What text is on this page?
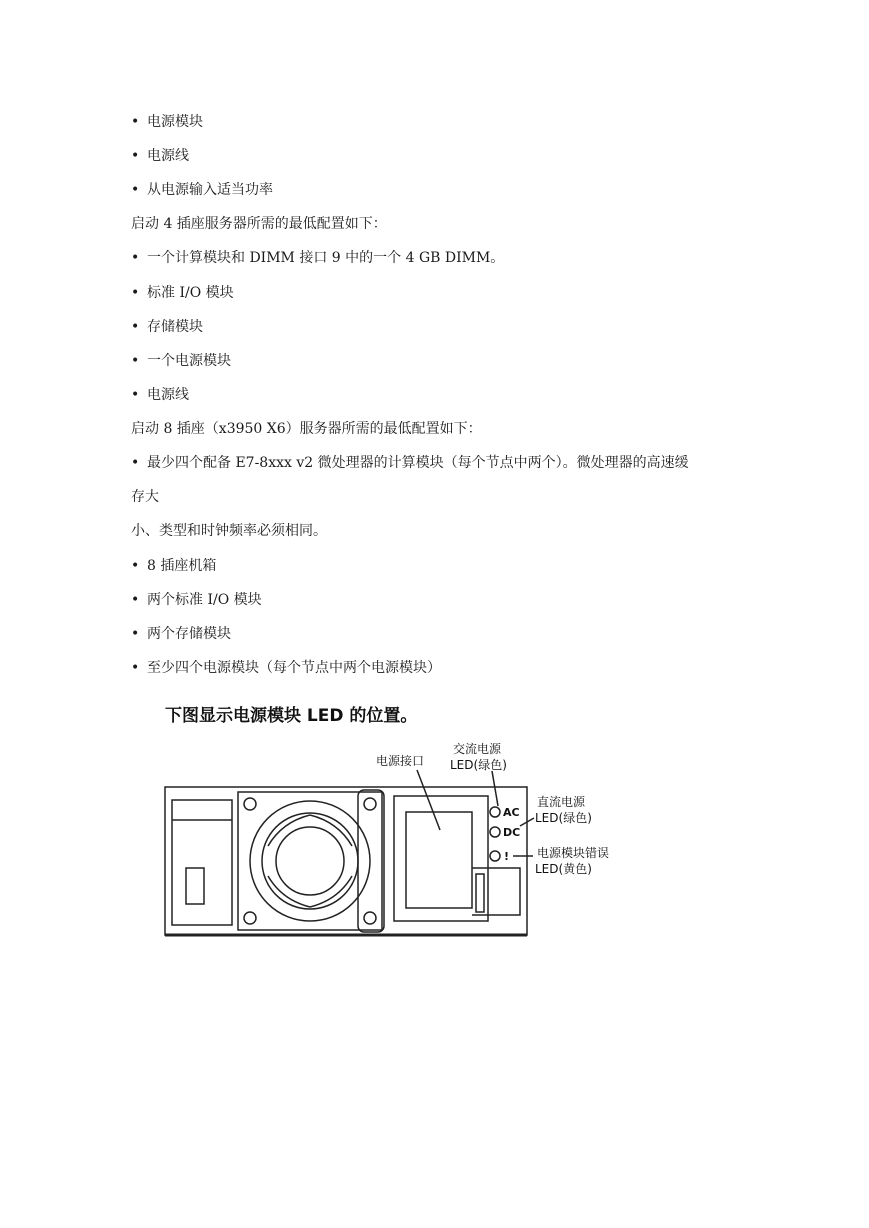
• 电源模块
• 电源线
• 从电源输入适当功率
启动 4 插座服务器所需的最低配置如下：
• 一个计算模块和 DIMM 接口 9 中的一个 4 GB DIMM。
• 标准 I/O 模块
• 存储模块
• 一个电源模块
• 电源线
启动 8 插座（x3950 X6）服务器所需的最低配置如下：
• 最少四个配备 E7-8xxx v2 微处理器的计算模块（每个节点中两个）。微处理器的高速缓
存大
小、类型和时钟频率必须相同。
• 8 插座机箱
• 两个标准 I/O 模块
• 两个存储模块
• 至少四个电源模块（每个节点中两个电源模块）
下图显示电源模块 LED 的位置。
AC
DC
!
电源接口
交流电源
LED(绿色)
直流电源
LED(绿色)
电源模块错误
LED(黄色)
